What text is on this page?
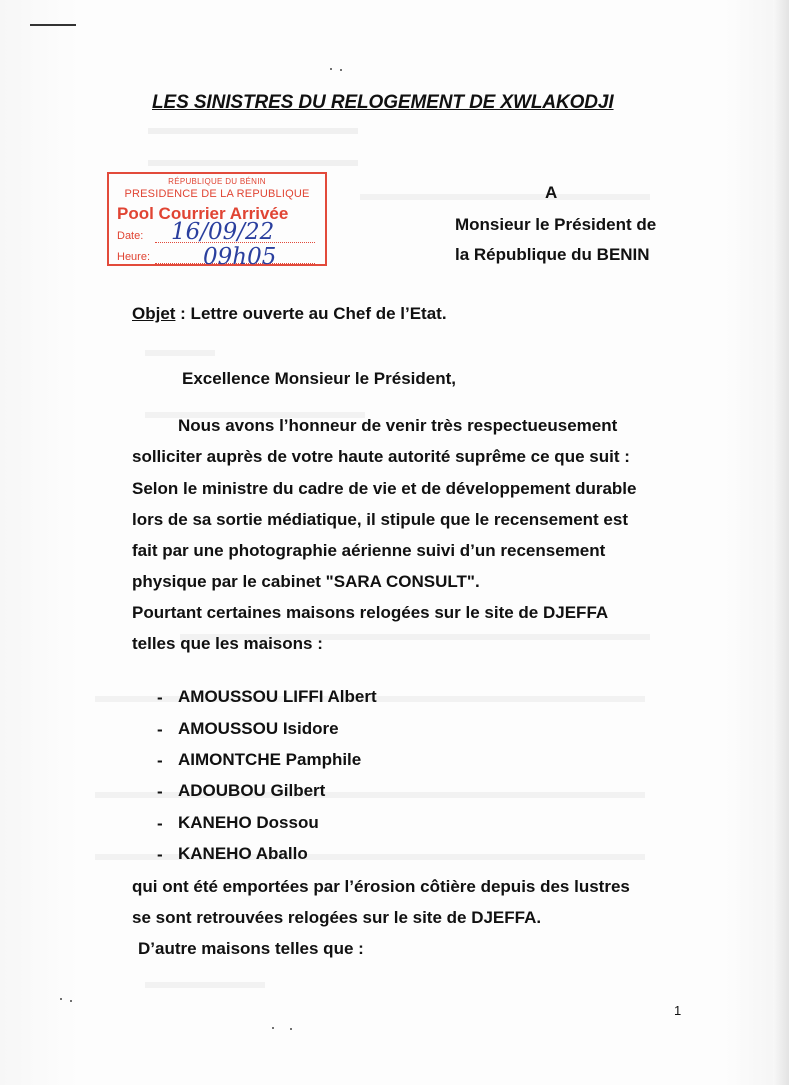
LES SINISTRES DU RELOGEMENT DE XWLAKODJI
RÉPUBLIQUE DU BÉNIN
PRESIDENCE DE LA REPUBLIQUE
Pool Courrier Arrivée
Date:
Heure:
16/09/22
09h05
A
Monsieur le Président de
la République du BENIN
Objet : Lettre ouverte au Chef de l’Etat.
Excellence Monsieur le Président,
Nous avons l’honneur de venir très respectueusement
solliciter auprès de votre haute autorité suprême ce que suit :
Selon le ministre du cadre de vie et de développement durable
lors de sa sortie médiatique, il stipule que le recensement est
fait par une photographie aérienne suivi d’un recensement
physique par le cabinet "SARA CONSULT".
Pourtant certaines maisons relogées sur le site de DJEFFA
telles que les maisons :
- AMOUSSOU LIFFI Albert
- AMOUSSOU Isidore
- AIMONTCHE Pamphile
- ADOUBOU Gilbert
- KANEHO Dossou
- KANEHO Aballo
qui ont été emportées par l’érosion côtière depuis des lustres
se sont retrouvées relogées sur le site de DJEFFA.
D’autre maisons telles que :
1
